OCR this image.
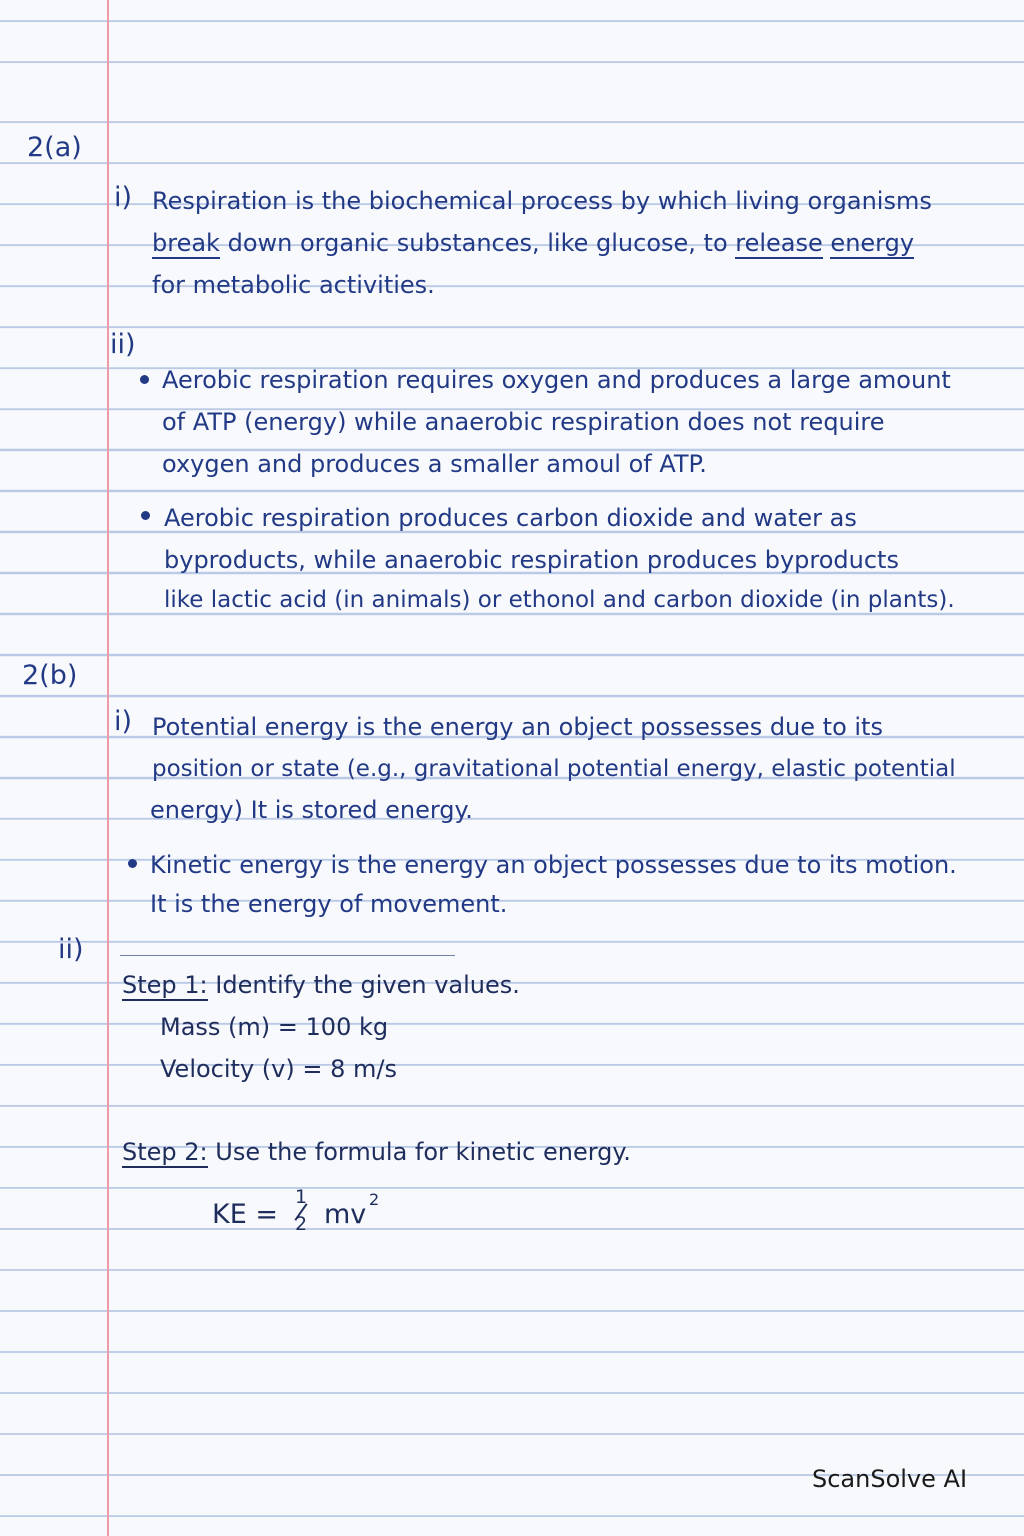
2(a)
i) Respiration is the biochemical process by which living organisms
break down organic substances, like glucose, to release energy
for metabolic activities.
ii)
Aerobic respiration requires oxygen and produces a large amount
of ATP (energy) while anaerobic respiration does not require
oxygen and produces a smaller amoul of ATP.
Aerobic respiration produces carbon dioxide and water as
byproducts, while anaerobic respiration produces byproducts
like lactic acid (in animals) or ethonol and carbon dioxide (in plants).
2(b)
i) Potential energy is the energy an object possesses due to its
position or state (e.g., gravitational potential energy, elastic potential
energy) It is stored energy.
Kinetic energy is the energy an object possesses due to its motion.
It is the energy of movement.
ii)
Step 1: Identify the given values.
Mass (m) = 100 kg
Velocity (v) = 8 m/s
Step 2: Use the formula for kinetic energy.
KE =
1
2 mv 2
ScanSolve AI
